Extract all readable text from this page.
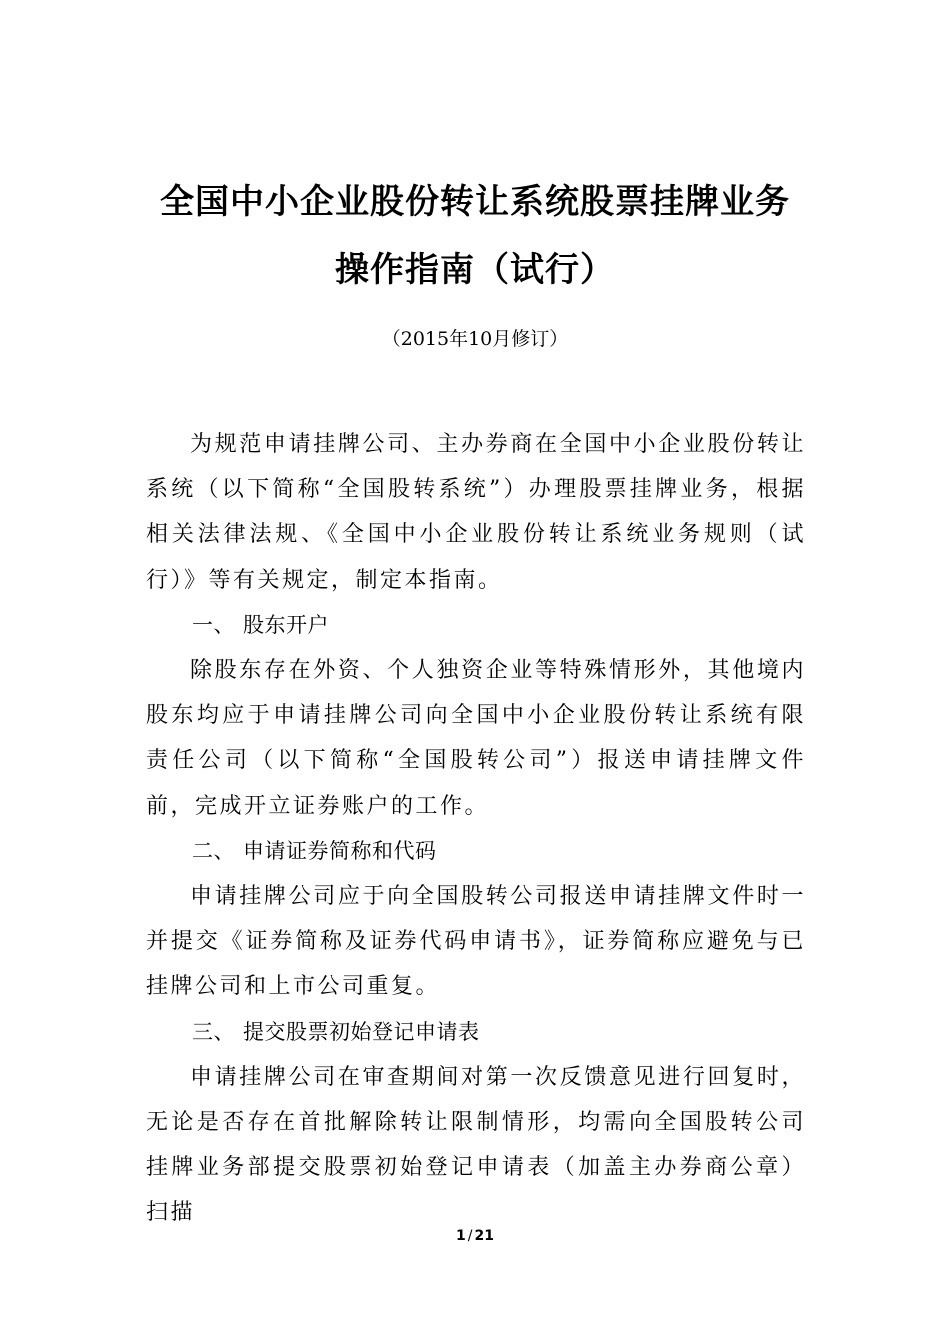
全国中小企业股份转让系统股票挂牌业务
操作指南（试行）
（2015年10月修订）

为规范申请挂牌公司、主办券商在全国中小企业股份转让系统（以下简称“全国股转系统”）办理股票挂牌业务，根据相关法律法规、《全国中小企业股份转让系统业务规则（试行）》等有关规定，制定本指南。

一、 股东开户

除股东存在外资、个人独资企业等特殊情形外，其他境内股东均应于申请挂牌公司向全国中小企业股份转让系统有限责任公司（以下简称“全国股转公司”）报送申请挂牌文件前，完成开立证券账户的工作。

二、 申请证券简称和代码

申请挂牌公司应于向全国股转公司报送申请挂牌文件时一并提交《证券简称及证券代码申请书》，证券简称应避免与已挂牌公司和上市公司重复。

三、 提交股票初始登记申请表

申请挂牌公司在审查期间对第一次反馈意见进行回复时，无论是否存在首批解除转让限制情形，均需向全国股转公司挂牌业务部提交股票初始登记申请表（加盖主办券商公章）扫描

1 / 21
